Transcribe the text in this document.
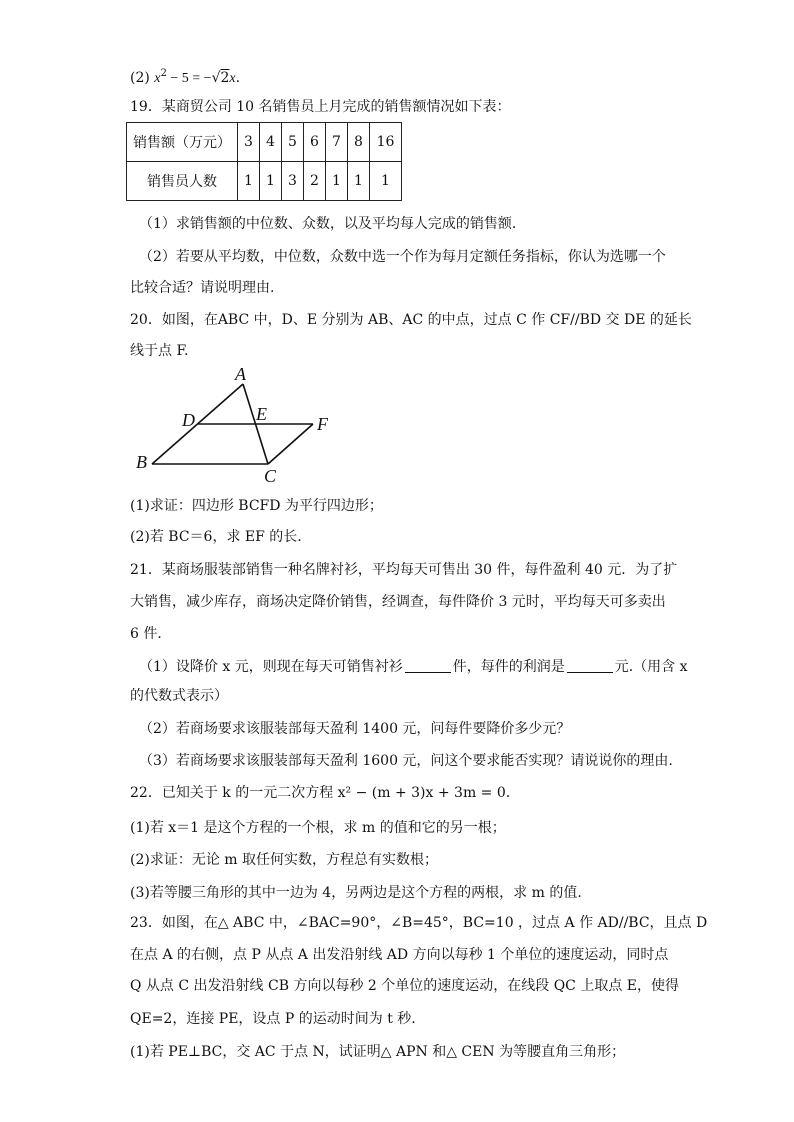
(2) $x^2 - 5 = -√2x$.
19．某商贸公司 10 名销售员上月完成的销售额情况如下表：
销售额（万元）	3	4	5	6	7	8	16
销售员人数	1	1	3	2	1	1	1
（1）求销售额的中位数、众数，以及平均每人完成的销售额.
（2）若要从平均数，中位数，众数中选一个作为每月定额任务指标，你认为选哪一个
比较合适？请说明理由.
20．如图，在ABC 中，D、E 分别为 AB、AC 的中点，过点 C 作 CF//BD 交 DE 的延长
线于点 F.
A
B
C
D	E	F
(1)求证：四边形 BCFD 为平行四边形；
(2)若 BC＝6，求 EF 的长.
21．某商场服装部销售一种名牌衬衫，平均每天可售出 30 件，每件盈利 40 元．为了扩
大销售，减少库存，商场决定降价销售，经调查，每件降价 3 元时，平均每天可多卖出
6 件．
（1）设降价 x 元，则现在每天可销售衬衫	件，每件的利润是	元.（用含 x
的代数式表示）
（2）若商场要求该服装部每天盈利 1400 元，问每件要降价多少元？
（3）若商场要求该服装部每天盈利 1600 元，问这个要求能否实现？请说说你的理由.
22．已知关于 k 的一元二次方程 x² − (m + 3)x + 3m = 0.
(1)若 x＝1 是这个方程的一个根，求 m 的值和它的另一根；
(2)求证：无论 m 取任何实数，方程总有实数根；
(3)若等腰三角形的其中一边为 4，另两边是这个方程的两根，求 m 的值.
23．如图，在△ ABC 中，∠BAC=90°，∠B=45°，BC=10 ，过点 A 作 AD//BC，且点 D
在点 A 的右侧，点 P 从点 A 出发沿射线 AD 方向以每秒 1 个单位的速度运动，同时点
Q 从点 C 出发沿射线 CB 方向以每秒 2 个单位的速度运动，在线段 QC 上取点 E，使得
QE=2，连接 PE，设点 P 的运动时间为 t 秒.
(1)若 PE⊥BC，交 AC 于点 N，试证明△ APN 和△ CEN 为等腰直角三角形；
